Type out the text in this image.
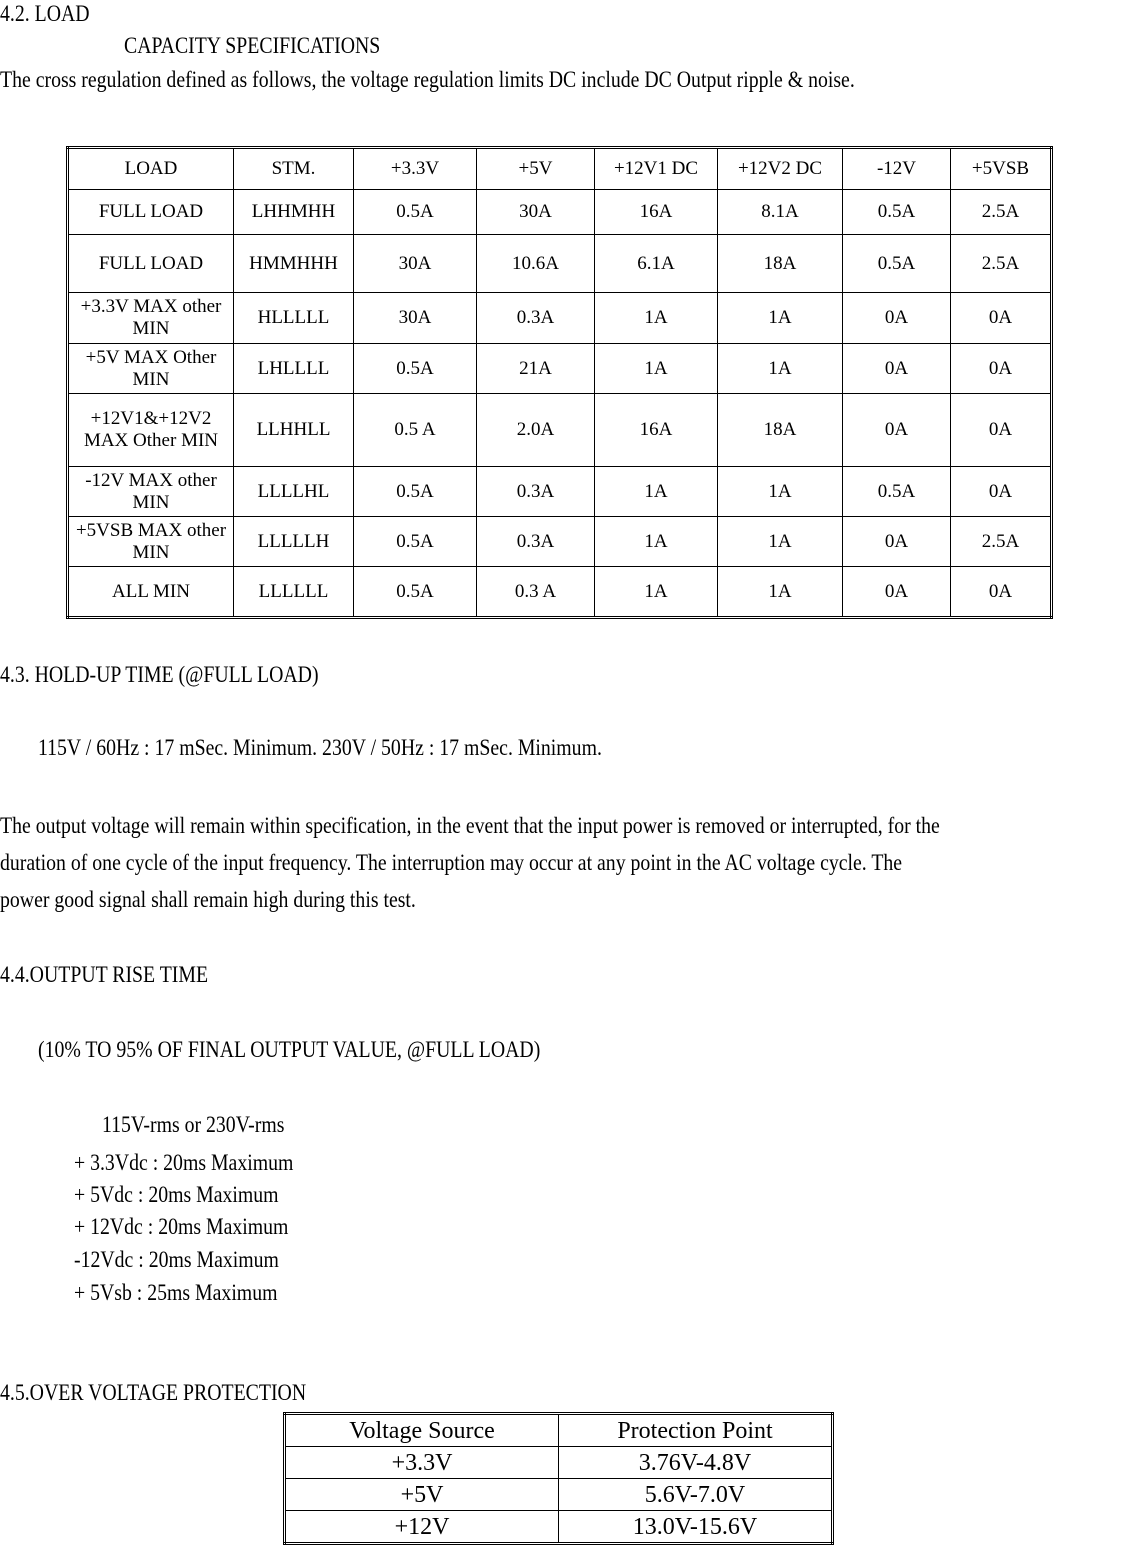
4.2. LOAD
CAPACITY SPECIFICATIONS
The cross regulation defined as follows, the voltage regulation limits DC include DC Output ripple & noise.
LOAD	STM.	+3.3V	+5V	+12V1 DC	+12V2 DC	-12V	+5VSB
FULL LOAD	LHHMHH	0.5A	30A	16A	8.1A	0.5A	2.5A
FULL LOAD	HMMHHH	30A	10.6A	6.1A	18A	0.5A	2.5A
+3.3V MAX other MIN	HLLLLL	30A	0.3A	1A	1A	0A	0A
+5V MAX Other MIN	LHLLLL	0.5A	21A	1A	1A	0A	0A
+12V1&+12V2 MAX Other MIN	LLHHLL	0.5 A	2.0A	16A	18A	0A	0A
-12V MAX other MIN	LLLLHL	0.5A	0.3A	1A	1A	0.5A	0A
+5VSB MAX other MIN	LLLLLH	0.5A	0.3A	1A	1A	0A	2.5A
ALL MIN	LLLLLL	0.5A	0.3 A	1A	1A	0A	0A
4.3. HOLD-UP TIME (@FULL LOAD)
115V / 60Hz : 17 mSec. Minimum. 230V / 50Hz : 17 mSec. Minimum.
The output voltage will remain within specification, in the event that the input power is removed or interrupted, for the
duration of one cycle of the input frequency. The interruption may occur at any point in the AC voltage cycle. The
power good signal shall remain high during this test.
4.4.OUTPUT RISE TIME
(10% TO 95% OF FINAL OUTPUT VALUE, @FULL LOAD)
115V-rms or 230V-rms
+ 3.3Vdc : 20ms Maximum
+ 5Vdc : 20ms Maximum
+ 12Vdc : 20ms Maximum
-12Vdc : 20ms Maximum
+ 5Vsb : 25ms Maximum
4.5.OVER VOLTAGE PROTECTION
Voltage Source	Protection Point
+3.3V	3.76V-4.8V
+5V	5.6V-7.0V
+12V	13.0V-15.6V
